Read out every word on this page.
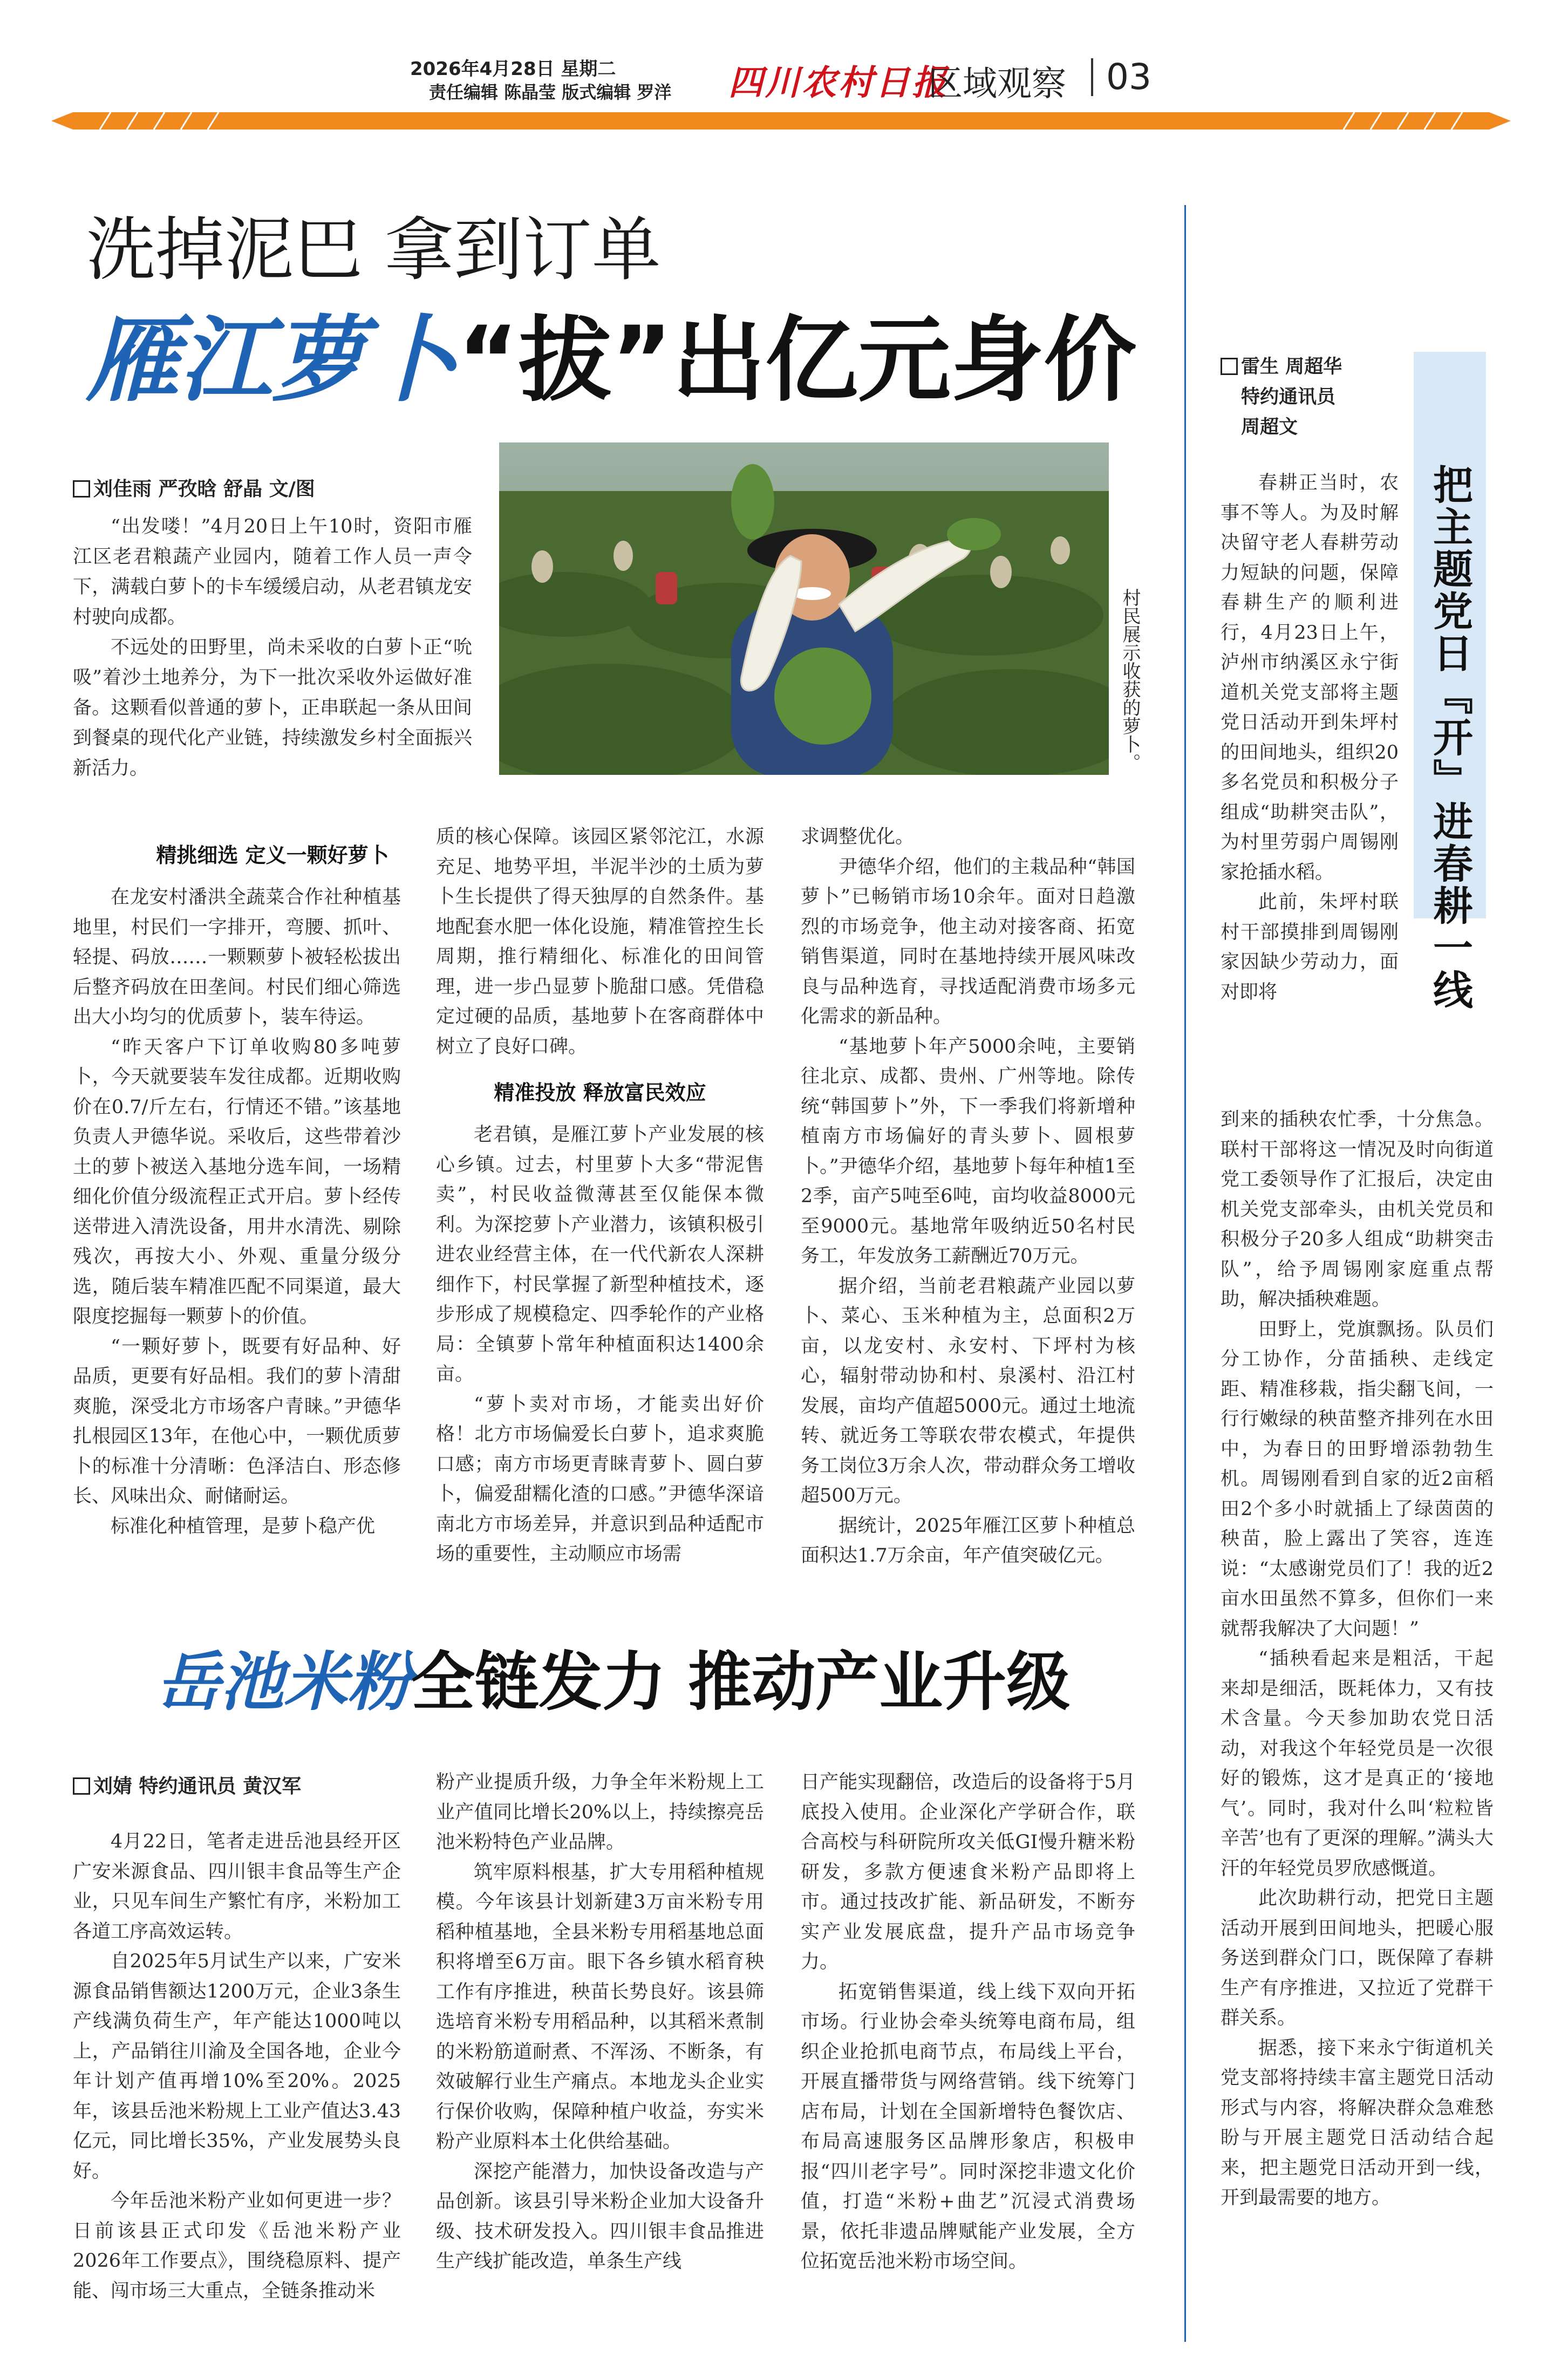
2026年4月28日 星期二
责任编辑 陈晶莹 版式编辑 罗洋 四川农村日报
区域观察 03
洗掉泥巴 拿到订单
雁江萝卜“拔”出亿元身价
刘佳雨 严孜晗 舒晶 文/图

“出发喽！”4月20日上午10时，资阳市雁江区老君粮蔬产业园内，随着工作人员一声令下，满载白萝卜的卡车缓缓启动，从老君镇龙安村驶向成都。

不远处的田野里，尚未采收的白萝卜正“吮吸”着沙土地养分，为下一批次采收外运做好准备。这颗看似普通的萝卜，正串联起一条从田间到餐桌的现代化产业链，持续激发乡村全面振兴新活力。	村民展示收获的萝卜。
精挑细选 定义一颗好萝卜

在龙安村潘洪全蔬菜合作社种植基地里，村民们一字排开，弯腰、抓叶、轻提、码放……一颗颗萝卜被轻松拔出后整齐码放在田垄间。村民们细心筛选出大小均匀的优质萝卜，装车待运。

“昨天客户下订单收购80多吨萝卜，今天就要装车发往成都。近期收购价在0.7/斤左右，行情还不错。”该基地负责人尹德华说。采收后，这些带着沙土的萝卜被送入基地分选车间，一场精细化价值分级流程正式开启。萝卜经传送带进入清洗设备，用井水清洗、剔除残次，再按大小、外观、重量分级分选，随后装车精准匹配不同渠道，最大限度挖掘每一颗萝卜的价值。

“一颗好萝卜，既要有好品种、好品质，更要有好品相。我们的萝卜清甜爽脆，深受北方市场客户青睐。”尹德华扎根园区13年，在他心中，一颗优质萝卜的标准十分清晰：色泽洁白、形态修长、风味出众、耐储耐运。

标准化种植管理，是萝卜稳产优

质的核心保障。该园区紧邻沱江，水源充足、地势平坦，半泥半沙的土质为萝卜生长提供了得天独厚的自然条件。基地配套水肥一体化设施，精准管控生长周期，推行精细化、标准化的田间管理，进一步凸显萝卜脆甜口感。凭借稳定过硬的品质，基地萝卜在客商群体中树立了良好口碑。

精准投放 释放富民效应

老君镇，是雁江萝卜产业发展的核心乡镇。过去，村里萝卜大多“带泥售卖”，村民收益微薄甚至仅能保本微利。为深挖萝卜产业潜力，该镇积极引进农业经营主体，在一代代新农人深耕细作下，村民掌握了新型种植技术，逐步形成了规模稳定、四季轮作的产业格局：全镇萝卜常年种植面积达1400余亩。

“萝卜卖对市场，才能卖出好价格！北方市场偏爱长白萝卜，追求爽脆口感；南方市场更青睐青萝卜、圆白萝卜，偏爱甜糯化渣的口感。”尹德华深谙南北方市场差异，并意识到品种适配市场的重要性，主动顺应市场需

求调整优化。

尹德华介绍，他们的主栽品种“韩国萝卜”已畅销市场10余年。面对日趋激烈的市场竞争，他主动对接客商、拓宽销售渠道，同时在基地持续开展风味改良与品种选育，寻找适配消费市场多元化需求的新品种。

“基地萝卜年产5000余吨，主要销往北京、成都、贵州、广州等地。除传统“韩国萝卜”外，下一季我们将新增种植南方市场偏好的青头萝卜、圆根萝卜。”尹德华介绍，基地萝卜每年种植1至2季，亩产5吨至6吨，亩均收益8000元至9000元。基地常年吸纳近50名村民务工，年发放务工薪酬近70万元。

据介绍，当前老君粮蔬产业园以萝卜、菜心、玉米种植为主，总面积2万亩，以龙安村、永安村、下坪村为核心，辐射带动协和村、泉溪村、沿江村发展，亩均产值超5000元。通过土地流转、就近务工等联农带农模式，年提供务工岗位3万余人次，带动群众务工增收超500万元。

据统计，2025年雁江区萝卜种植总面积达1.7万余亩，年产值突破亿元。

岳池米粉全链发力 推动产业升级
刘婧 特约通讯员 黄汉军

4月22日，笔者走进岳池县经开区广安米源食品、四川银丰食品等生产企业，只见车间生产繁忙有序，米粉加工各道工序高效运转。

自2025年5月试生产以来，广安米源食品销售额达1200万元，企业3条生产线满负荷生产，年产能达1000吨以上，产品销往川渝及全国各地，企业今年计划产值再增10%至20%。2025年，该县岳池米粉规上工业产值达3.43亿元，同比增长35%，产业发展势头良好。

今年岳池米粉产业如何更进一步？日前该县正式印发《岳池米粉产业2026年工作要点》，围绕稳原料、提产能、闯市场三大重点，全链条推动米

粉产业提质升级，力争全年米粉规上工业产值同比增长20%以上，持续擦亮岳池米粉特色产业品牌。

筑牢原料根基，扩大专用稻种植规模。今年该县计划新建3万亩米粉专用稻种植基地，全县米粉专用稻基地总面积将增至6万亩。眼下各乡镇水稻育秧工作有序推进，秧苗长势良好。该县筛选培育米粉专用稻品种，以其稻米煮制的米粉筋道耐煮、不浑汤、不断条，有效破解行业生产痛点。本地龙头企业实行保价收购，保障种植户收益，夯实米粉产业原料本土化供给基础。

深挖产能潜力，加快设备改造与产品创新。该县引导米粉企业加大设备升级、技术研发投入。四川银丰食品推进生产线扩能改造，单条生产线

日产能实现翻倍，改造后的设备将于5月底投入使用。企业深化产学研合作，联合高校与科研院所攻关低GI慢升糖米粉研发，多款方便速食米粉产品即将上市。通过技改扩能、新品研发，不断夯实产业发展底盘，提升产品市场竞争力。

拓宽销售渠道，线上线下双向开拓市场。行业协会牵头统筹电商布局，组织企业抢抓电商节点，布局线上平台，开展直播带货与网络营销。线下统筹门店布局，计划在全国新增特色餐饮店、布局高速服务区品牌形象店，积极申报“四川老字号”。同时深挖非遗文化价值，打造“米粉+曲艺”沉浸式消费场景，依托非遗品牌赋能产业发展，全方位拓宽岳池米粉市场空间。

雷生 周超华
特约通讯员
周超文
把主题党日『开』进春耕一线

春耕正当时，农事不等人。为及时解决留守老人春耕劳动力短缺的问题，保障春耕生产的顺利进行，4月23日上午，泸州市纳溪区永宁街道机关党支部将主题党日活动开到朱坪村的田间地头，组织20多名党员和积极分子组成“助耕突击队”，为村里劳弱户周锡刚家抢插水稻。

此前，朱坪村联村干部摸排到周锡刚家因缺少劳动力，面对即将

到来的插秧农忙季，十分焦急。联村干部将这一情况及时向街道党工委领导作了汇报后，决定由机关党支部牵头，由机关党员和积极分子20多人组成“助耕突击队”，给予周锡刚家庭重点帮助，解决插秧难题。

田野上，党旗飘扬。队员们分工协作，分苗插秧、走线定距、精准移栽，指尖翻飞间，一行行嫩绿的秧苗整齐排列在水田中，为春日的田野增添勃勃生机。周锡刚看到自家的近2亩稻田2个多小时就插上了绿茵茵的秧苗，脸上露出了笑容，连连说：“太感谢党员们了！我的近2亩水田虽然不算多，但你们一来就帮我解决了大问题！”

“插秧看起来是粗活，干起来却是细活，既耗体力，又有技术含量。今天参加助农党日活动，对我这个年轻党员是一次很好的锻炼，这才是真正的‘接地气’。同时，我对什么叫‘粒粒皆辛苦’也有了更深的理解。”满头大汗的年轻党员罗欣感慨道。

此次助耕行动，把党日主题活动开展到田间地头，把暖心服务送到群众门口，既保障了春耕生产有序推进，又拉近了党群干群关系。

据悉，接下来永宁街道机关党支部将持续丰富主题党日活动形式与内容，将解决群众急难愁盼与开展主题党日活动结合起来，把主题党日活动开到一线，开到最需要的地方。
